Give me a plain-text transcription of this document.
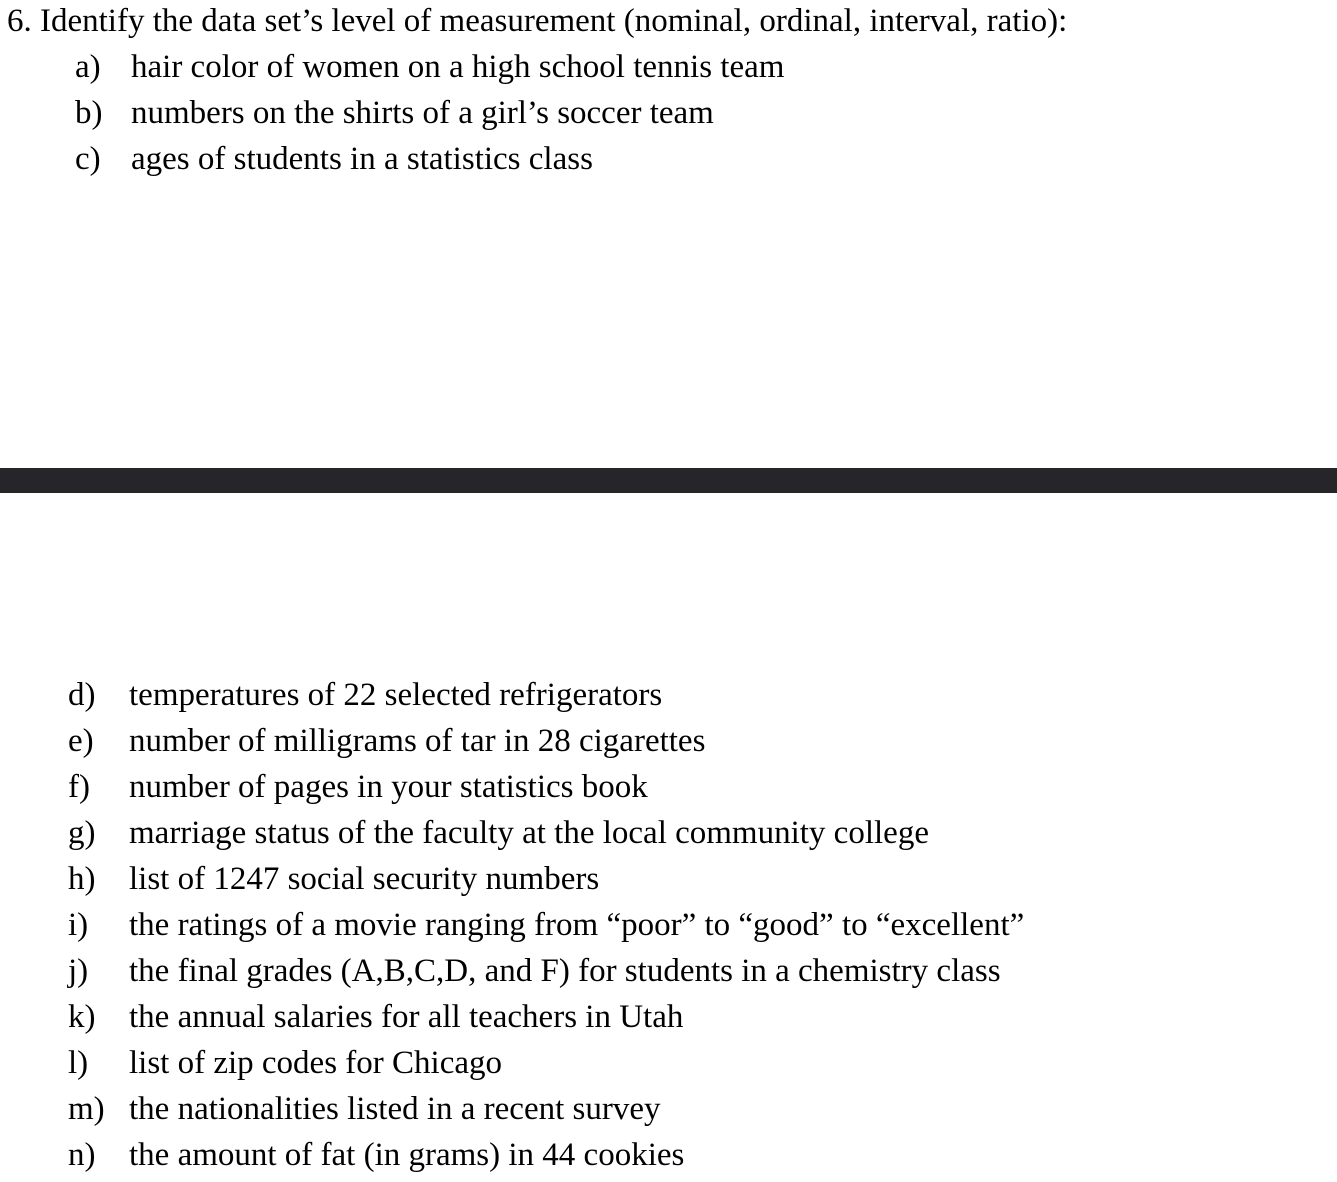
6. Identify the data set’s level of measurement (nominal, ordinal, interval, ratio):
a) hair color of women on a high school tennis team
b) numbers on the shirts of a girl’s soccer team
c) ages of students in a statistics class
d)	temperatures of 22 selected refrigerators
e)	number of milligrams of tar in 28 cigarettes
f)	number of pages in your statistics book
g)	marriage status of the faculty at the local community college
h)	list of 1247 social security numbers
i)	the ratings of a movie ranging from “poor” to “good” to “excellent”
j)	the final grades (A,B,C,D, and F) for students in a chemistry class
k)	the annual salaries for all teachers in Utah
l)	list of zip codes for Chicago
m) the nationalities listed in a recent survey
n)	the amount of fat (in grams) in 44 cookies
